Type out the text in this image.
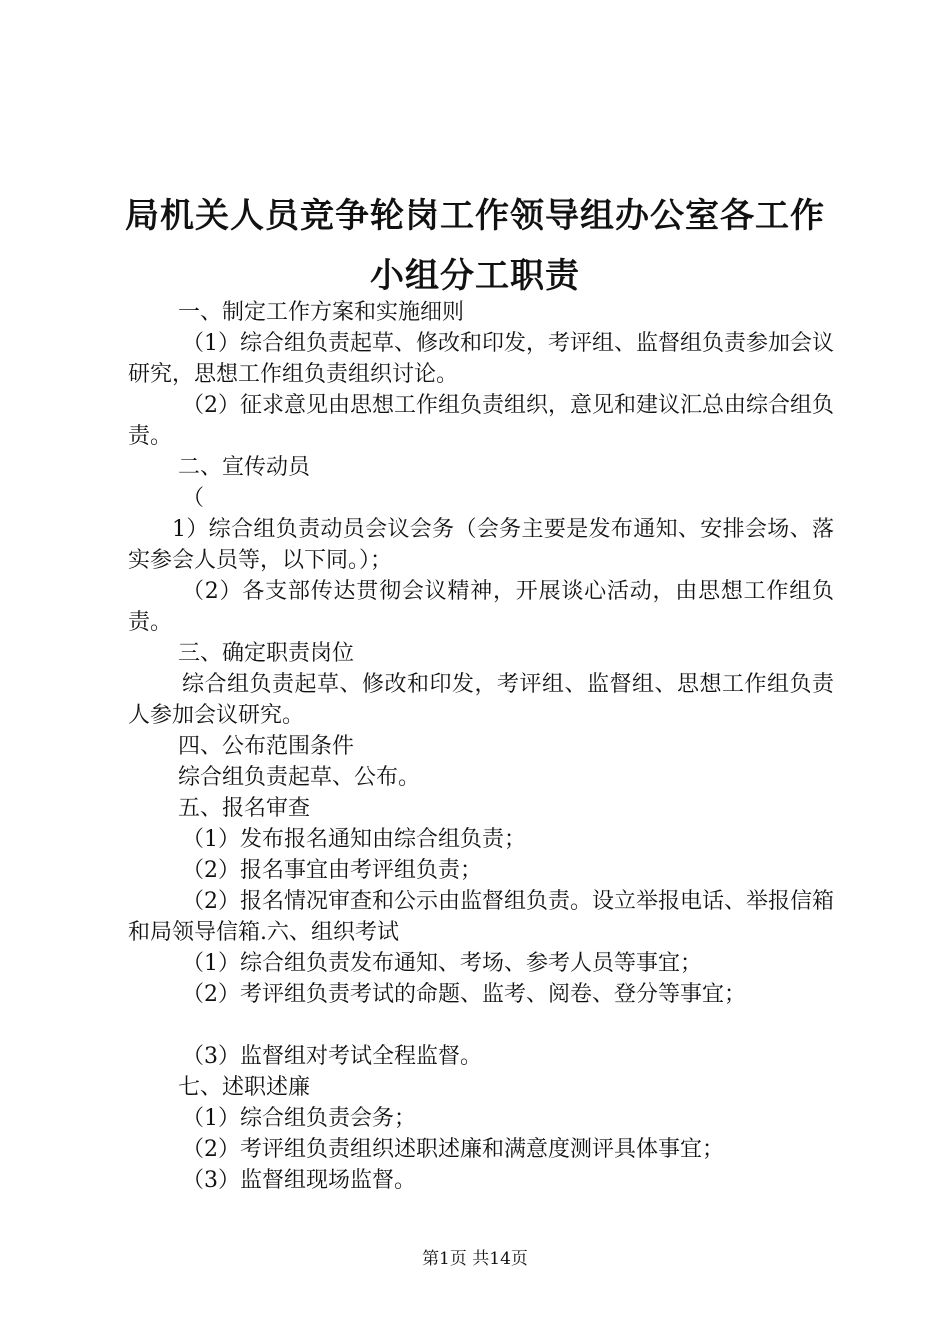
局机关人员竞争轮岗工作领导组办公室各工作
小组分工职责

一、制定工作方案和实施细则

（1）综合组负责起草、修改和印发，考评组、监督组负责参加会议研究，思想工作组负责组织讨论。

（2）征求意见由思想工作组负责组织，意见和建议汇总由综合组负责。

二、宣传动员

（

1）综合组负责动员会议会务（会务主要是发布通知、安排会场、落实参会人员等，以下同。）；

（2）各支部传达贯彻会议精神，开展谈心活动，由思想工作组负责。

三、确定职责岗位

综合组负责起草、修改和印发，考评组、监督组、思想工作组负责人参加会议研究。

四、公布范围条件

综合组负责起草、公布。

五、报名审查

（1）发布报名通知由综合组负责；

（2）报名事宜由考评组负责；

（2）报名情况审查和公示由监督组负责。设立举报电话、举报信箱和局领导信箱.六、组织考试

（1）综合组负责发布通知、考场、参考人员等事宜；

（2）考评组负责考试的命题、监考、阅卷、登分等事宜；

（3）监督组对考试全程监督。

七、述职述廉

（1）综合组负责会务；

（2）考评组负责组织述职述廉和满意度测评具体事宜；

（3）监督组现场监督。

第1页 共14页
